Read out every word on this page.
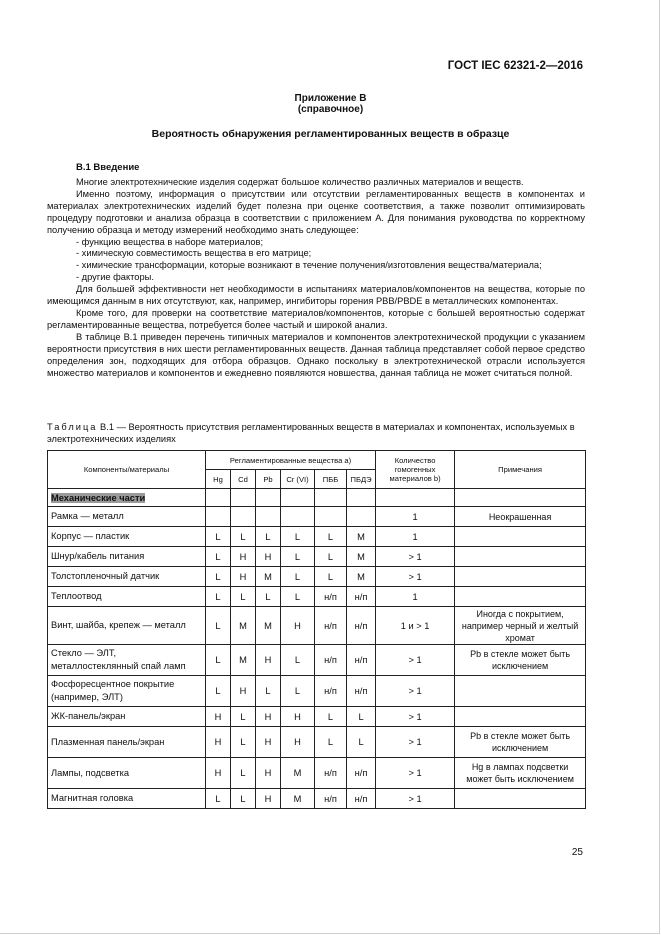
ГОСТ IEC 62321-2—2016
Приложение В
(справочное)
Вероятность обнаружения регламентированных веществ в образце
В.1 Введение

Многие электротехнические изделия содержат большое количество различных материалов и веществ.

Именно поэтому, информация о присутствии или отсутствии регламентированных веществ в компонентах и материалах электротехнических изделий будет полезна при оценке соответствия, а также позволит оптимизировать процедуру подготовки и анализа образца в соответствии с приложением А. Для понимания руководства по корректному получению образца и методу измерений необходимо знать следующее:

- функцию вещества в наборе материалов;

- химическую совместимость вещества в его матрице;

- химические трансформации, которые возникают в течение получения/изготовления вещества/материала;

- другие факторы.

Для большей эффективности нет необходимости в испытаниях материалов/компонентов на вещества, которые по имеющимся данным в них отсутствуют, как, например, ингибиторы горения PBB/PBDE в металлических компонентах.

Кроме того, для проверки на соответствие материалов/компонентов, которые с большей вероятностью содержат регламентированные вещества, потребуется более частый и широкой анализ.

В таблице В.1 приведен перечень типичных материалов и компонентов электротехнической продукции с указанием вероятности присутствия в них шести регламентированных веществ. Данная таблица представляет собой первое средство определения зон, подходящих для отбора образцов. Однако поскольку в электротехнической отрасли используется множество материалов и компонентов и ежедневно появляются новшества, данная таблица не может считаться полной.

Таблица В.1 — Вероятность присутствия регламентированных веществ в материалах и компонентах, используемых в электротехнических изделиях
Компоненты/материалы	Регламентированные вещества а)						Количество гомогенных материалов b)	Примечания
	Hg	Cd	Pb	Cr (VI)	ПББ	ПБДЭ		
Механические части								
Рамка — металл							1	Неокрашенная
Корпус — пластик	L	L	L	L	L	M	1	
Шнур/кабель питания	L	H	H	L	L	M	> 1	
Толстопленочный датчик	L	H	M	L	L	M	> 1	
Теплоотвод	L	L	L	L	н/п	н/п	1	
Винт, шайба, крепеж — металл	L	M	M	H	н/п	н/п	1 и > 1	Иногда с покрытием, например черный и желтый хромат
Стекло — ЭЛТ, металлостеклянный спай ламп	L	M	H	L	н/п	н/п	> 1	Pb в стекле может быть исключением
Фосфоресцентное покрытие (например, ЭЛТ)	L	H	L	L	н/п	н/п	> 1	
ЖК-панель/экран	H	L	H	H	L	L	> 1	
Плазменная панель/экран	H	L	H	H	L	L	> 1	Pb в стекле может быть исключением
Лампы, подсветка	H	L	H	M	н/п	н/п	> 1	Hg в лампах подсветки может быть исключением
Магнитная головка	L	L	H	M	н/п	н/п	> 1	
25
